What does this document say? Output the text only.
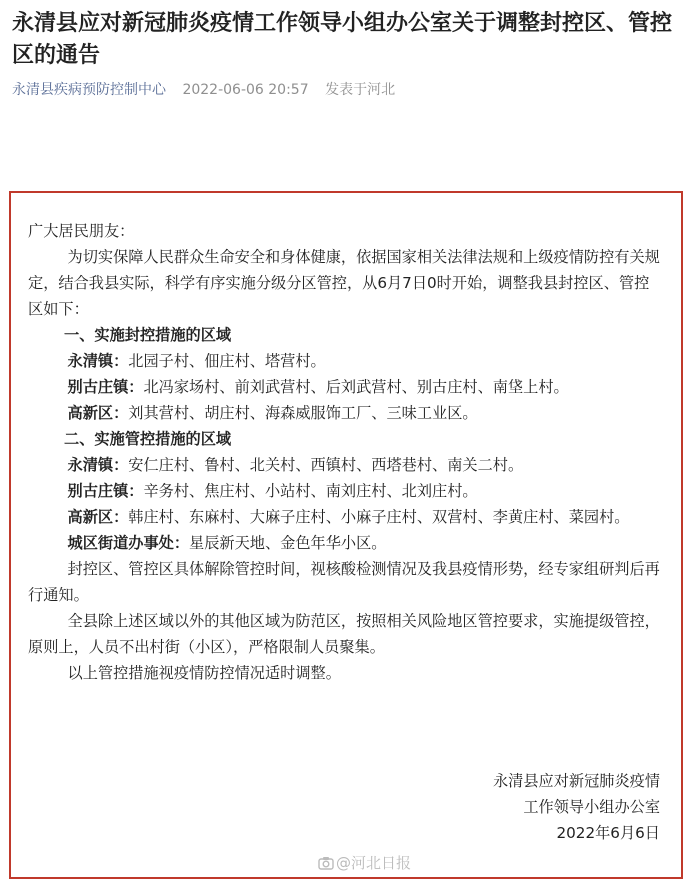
永清县应对新冠肺炎疫情工作领导小组办公室关于调整封控区、管控区的通告
永清县疾病预防控制中心 2022-06-06 20:57 发表于河北

广大居民朋友：

为切实保障人民群众生命安全和身体健康，依据国家相关法律法规和上级疫情防控有关规定，结合我县实际，科学有序实施分级分区管控，从6月7日0时开始，调整我县封控区、管控区如下：

一、实施封控措施的区域

永清镇：北园子村、佃庄村、塔营村。

别古庄镇：北冯家场村、前刘武营村、后刘武营村、别古庄村、南垡上村。

高新区：刘其营村、胡庄村、海森威服饰工厂、三味工业区。

二、实施管控措施的区域

永清镇：安仁庄村、鲁村、北关村、西镇村、西塔巷村、南关二村。

别古庄镇：辛务村、焦庄村、小站村、南刘庄村、北刘庄村。

高新区：韩庄村、东麻村、大麻子庄村、小麻子庄村、双营村、李黄庄村、菜园村。

城区街道办事处：星辰新天地、金色年华小区。

封控区、管控区具体解除管控时间，视核酸检测情况及我县疫情形势，经专家组研判后再行通知。

全县除上述区域以外的其他区域为防范区，按照相关风险地区管控要求，实施提级管控，原则上，人员不出村街（小区），严格限制人员聚集。

以上管控措施视疫情防控情况适时调整。

永清县应对新冠肺炎疫情
工作领导小组办公室
2022年6月6日
@河北日报
